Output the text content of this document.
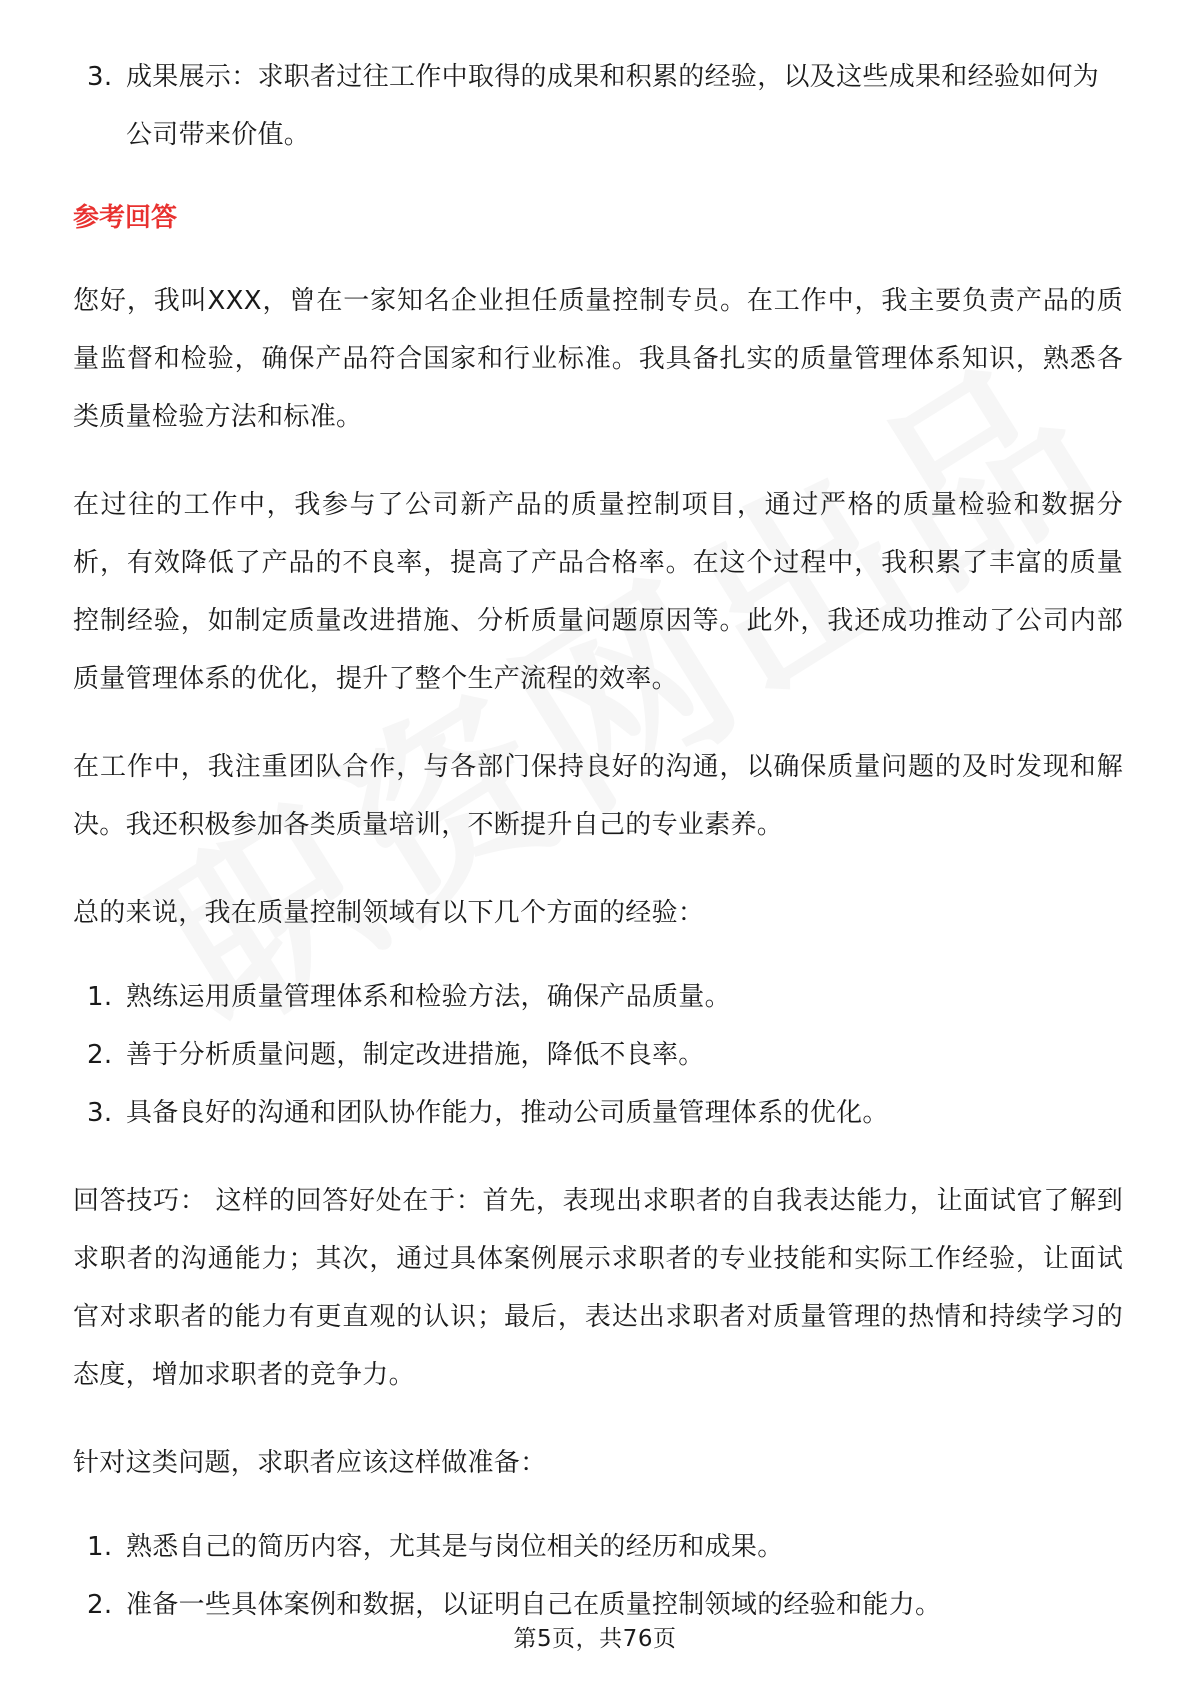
3. 成果展示：求职者过往工作中取得的成果和积累的经验，以及这些成果和经验如何为公司带来价值。

参考回答

您好，我叫XXX，曾在一家知名企业担任质量控制专员。在工作中，我主要负责产品的质量监督和检验，确保产品符合国家和行业标准。我具备扎实的质量管理体系知识，熟悉各类质量检验方法和标准。

在过往的工作中，我参与了公司新产品的质量控制项目，通过严格的质量检验和数据分析，有效降低了产品的不良率，提高了产品合格率。在这个过程中，我积累了丰富的质量控制经验，如制定质量改进措施、分析质量问题原因等。此外，我还成功推动了公司内部质量管理体系的优化，提升了整个生产流程的效率。

在工作中，我注重团队合作，与各部门保持良好的沟通，以确保质量问题的及时发现和解决。我还积极参加各类质量培训，不断提升自己的专业素养。

总的来说，我在质量控制领域有以下几个方面的经验：

1. 熟练运用质量管理体系和检验方法，确保产品质量。
2. 善于分析质量问题，制定改进措施，降低不良率。
3. 具备良好的沟通和团队协作能力，推动公司质量管理体系的优化。

回答技巧： 这样的回答好处在于：首先，表现出求职者的自我表达能力，让面试官了解到求职者的沟通能力；其次，通过具体案例展示求职者的专业技能和实际工作经验，让面试官对求职者的能力有更直观的认识；最后，表达出求职者对质量管理的热情和持续学习的态度，增加求职者的竞争力。

针对这类问题，求职者应该这样做准备：

1. 熟悉自己的简历内容，尤其是与岗位相关的经历和成果。
2. 准备一些具体案例和数据，以证明自己在质量控制领域的经验和能力。
第5页，共76页
